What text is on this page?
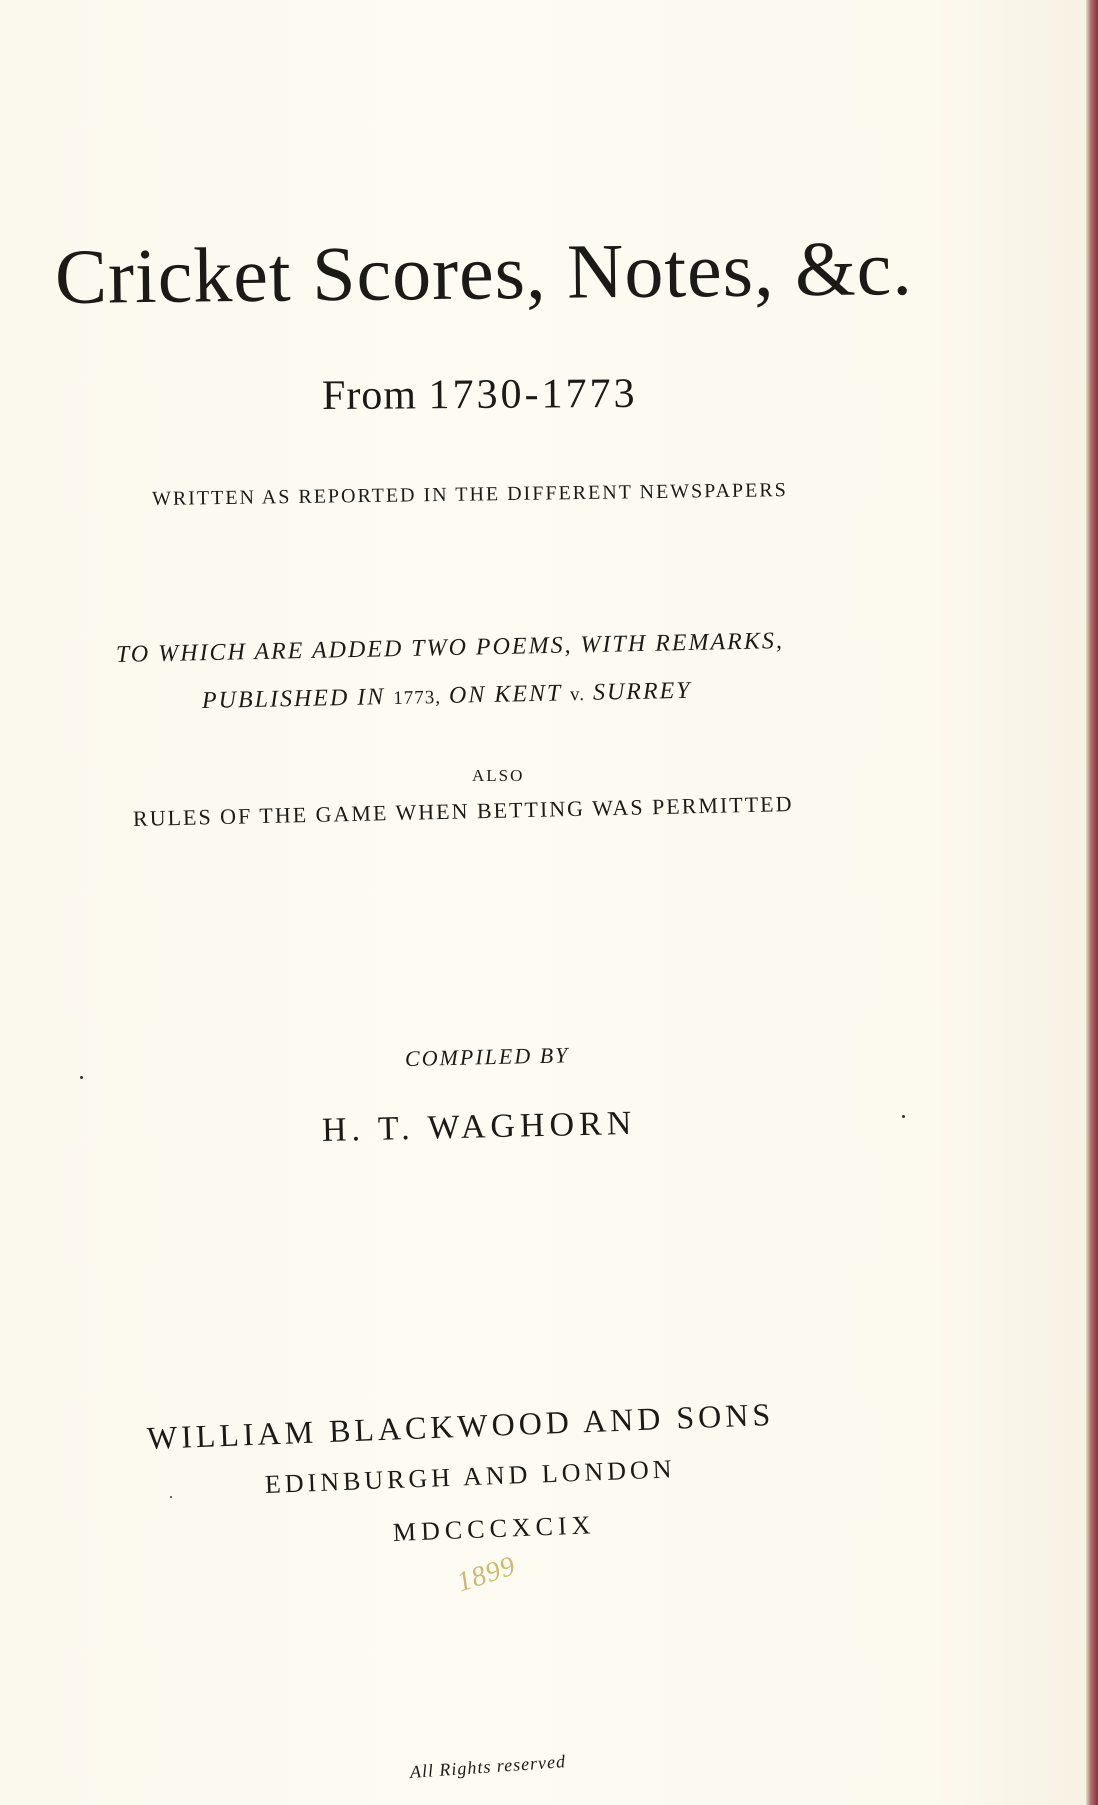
Cricket Scores, Notes, &c.
From 1730-1773
WRITTEN AS REPORTED IN THE DIFFERENT NEWSPAPERS
TO WHICH ARE ADDED TWO POEMS, WITH REMARKS,
PUBLISHED IN 1773, ON KENT v. SURREY
ALSO
RULES OF THE GAME WHEN BETTING WAS PERMITTED
COMPILED BY
H. T. WAGHORN
WILLIAM BLACKWOOD AND SONS
EDINBURGH AND LONDON
MDCCCXCIX
1899
All Rights reserved
